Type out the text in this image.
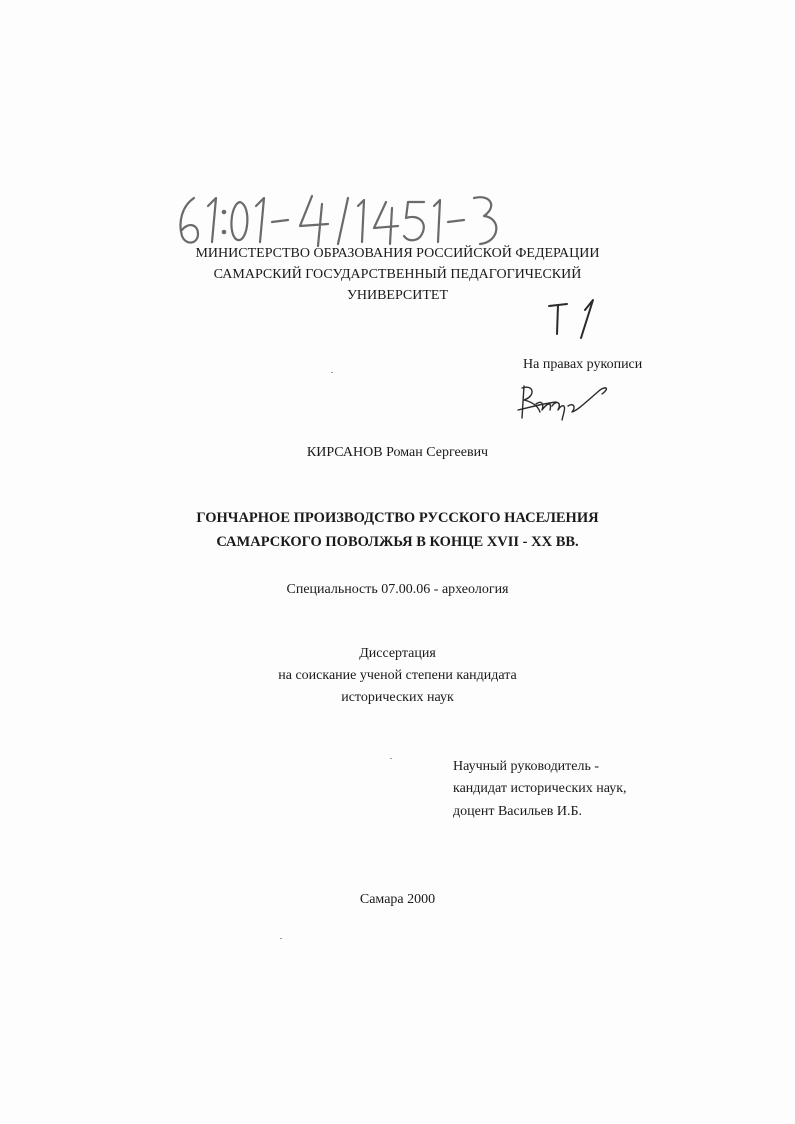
МИНИСТЕРСТВО ОБРАЗОВАНИЯ РОССИЙСКОЙ ФЕДЕРАЦИИ
САМАРСКИЙ ГОСУДАРСТВЕННЫЙ ПЕДАГОГИЧЕСКИЙ
УНИВЕРСИТЕТ
На правах рукописи
КИРСАНОВ Роман Сергеевич
ГОНЧАРНОЕ ПРОИЗВОДСТВО РУССКОГО НАСЕЛЕНИЯ
САМАРСКОГО ПОВОЛЖЬЯ В КОНЦЕ XVII - XX ВВ.
Специальность 07.00.06 - археология
Диссертация
на соискание ученой степени кандидата
исторических наук
Научный руководитель -
кандидат исторических наук,
доцент Васильев И.Б.
Самара 2000
